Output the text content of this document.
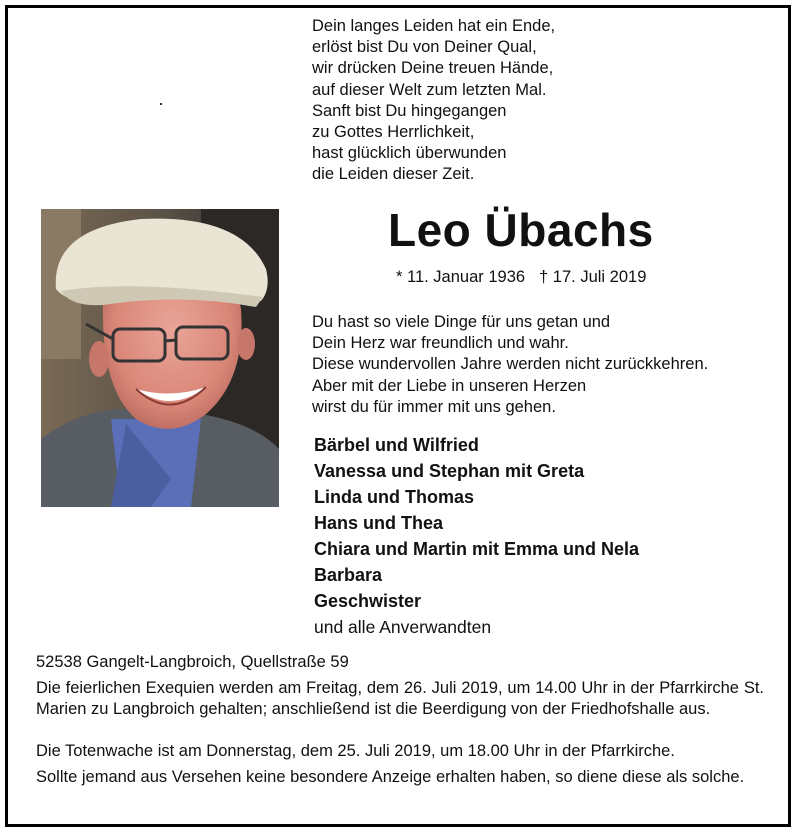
Dein langes Leiden hat ein Ende,
erlöst bist Du von Deiner Qual,
wir drücken Deine treuen Hände,
auf dieser Welt zum letzten Mal.
Sanft bist Du hingegangen
zu Gottes Herrlichkeit,
hast glücklich überwunden
die Leiden dieser Zeit.
Leo Übachs
* 11. Januar 1936 † 17. Juli 2019
Du hast so viele Dinge für uns getan und
Dein Herz war freundlich und wahr.
Diese wundervollen Jahre werden nicht zurückkehren.
Aber mit der Liebe in unseren Herzen
wirst du für immer mit uns gehen.
Bärbel und Wilfried
Vanessa und Stephan mit Greta
Linda und Thomas
Hans und Thea
Chiara und Martin mit Emma und Nela
Barbara
Geschwister
und alle Anverwandten
52538 Gangelt-Langbroich, Quellstraße 59
Die feierlichen Exequien werden am Freitag, dem 26. Juli 2019, um 14.00 Uhr in der Pfarrkirche St. Marien zu Langbroich gehalten; anschließend ist die Beerdigung von der Friedhofshalle aus.
Die Totenwache ist am Donnerstag, dem 25. Juli 2019, um 18.00 Uhr in der Pfarrkirche.
Sollte jemand aus Versehen keine besondere Anzeige erhalten haben, so diene diese als solche.
